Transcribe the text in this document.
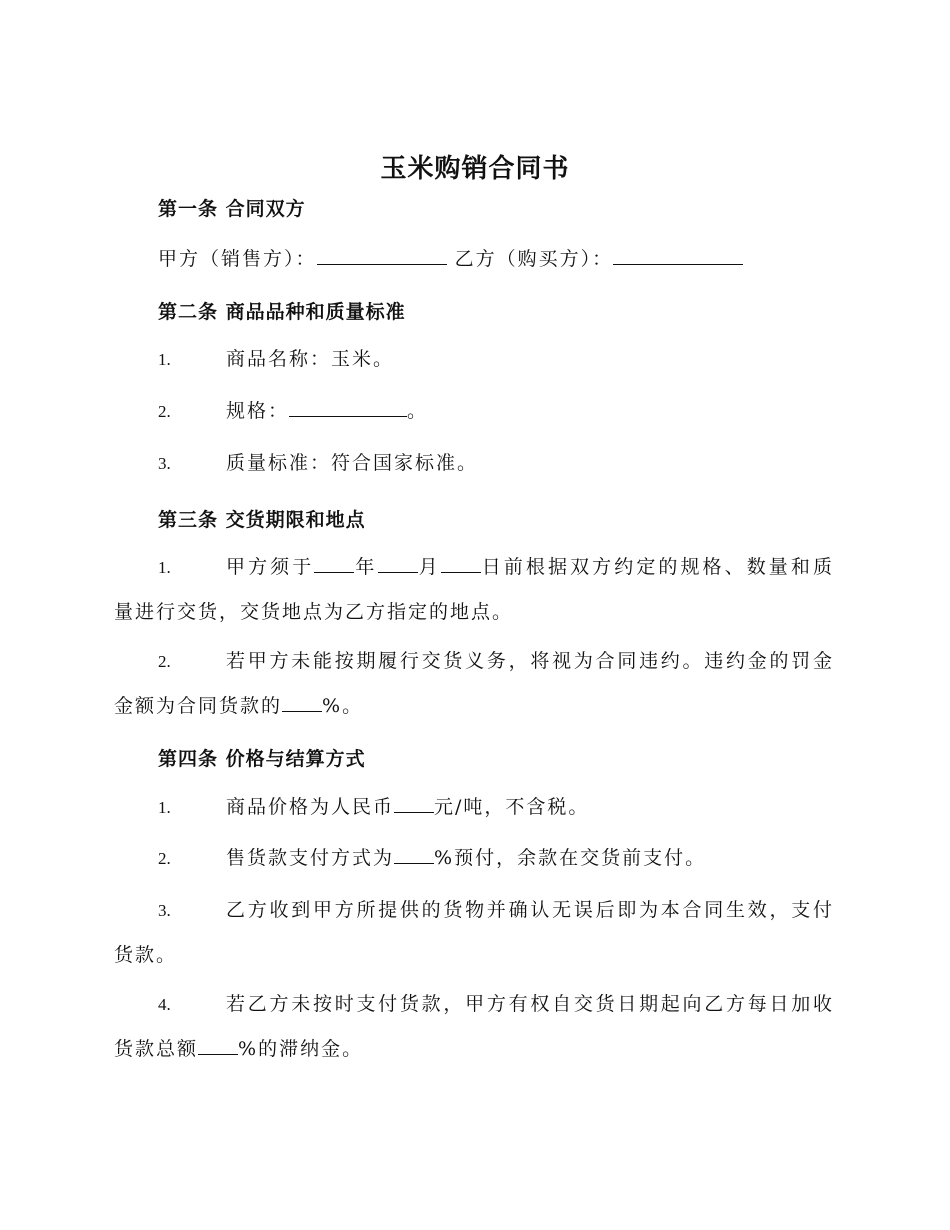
玉米购销合同书
第一条 合同双方
甲方（销售方）：	乙方（购买方）：
第二条 商品品种和质量标准
1.	商品名称：玉米。
2.	规格：	。
3.	质量标准：符合国家标准。
第三条 交货期限和地点
1.	甲方须于 年 月 日前根据双方约定的规格、数量和质
量进行交货，交货地点为乙方指定的地点。
2.	若甲方未能按期履行交货义务，将视为合同违约。违约金的罚金
金额为合同货款的 %。
第四条 价格与结算方式
1.	商品价格为人民币 元/吨，不含税。
2.	售货款支付方式为 %预付，余款在交货前支付。
3.	乙方收到甲方所提供的货物并确认无误后即为本合同生效，支付
货款。
4.	若乙方未按时支付货款，甲方有权自交货日期起向乙方每日加收
货款总额 %的滞纳金。
